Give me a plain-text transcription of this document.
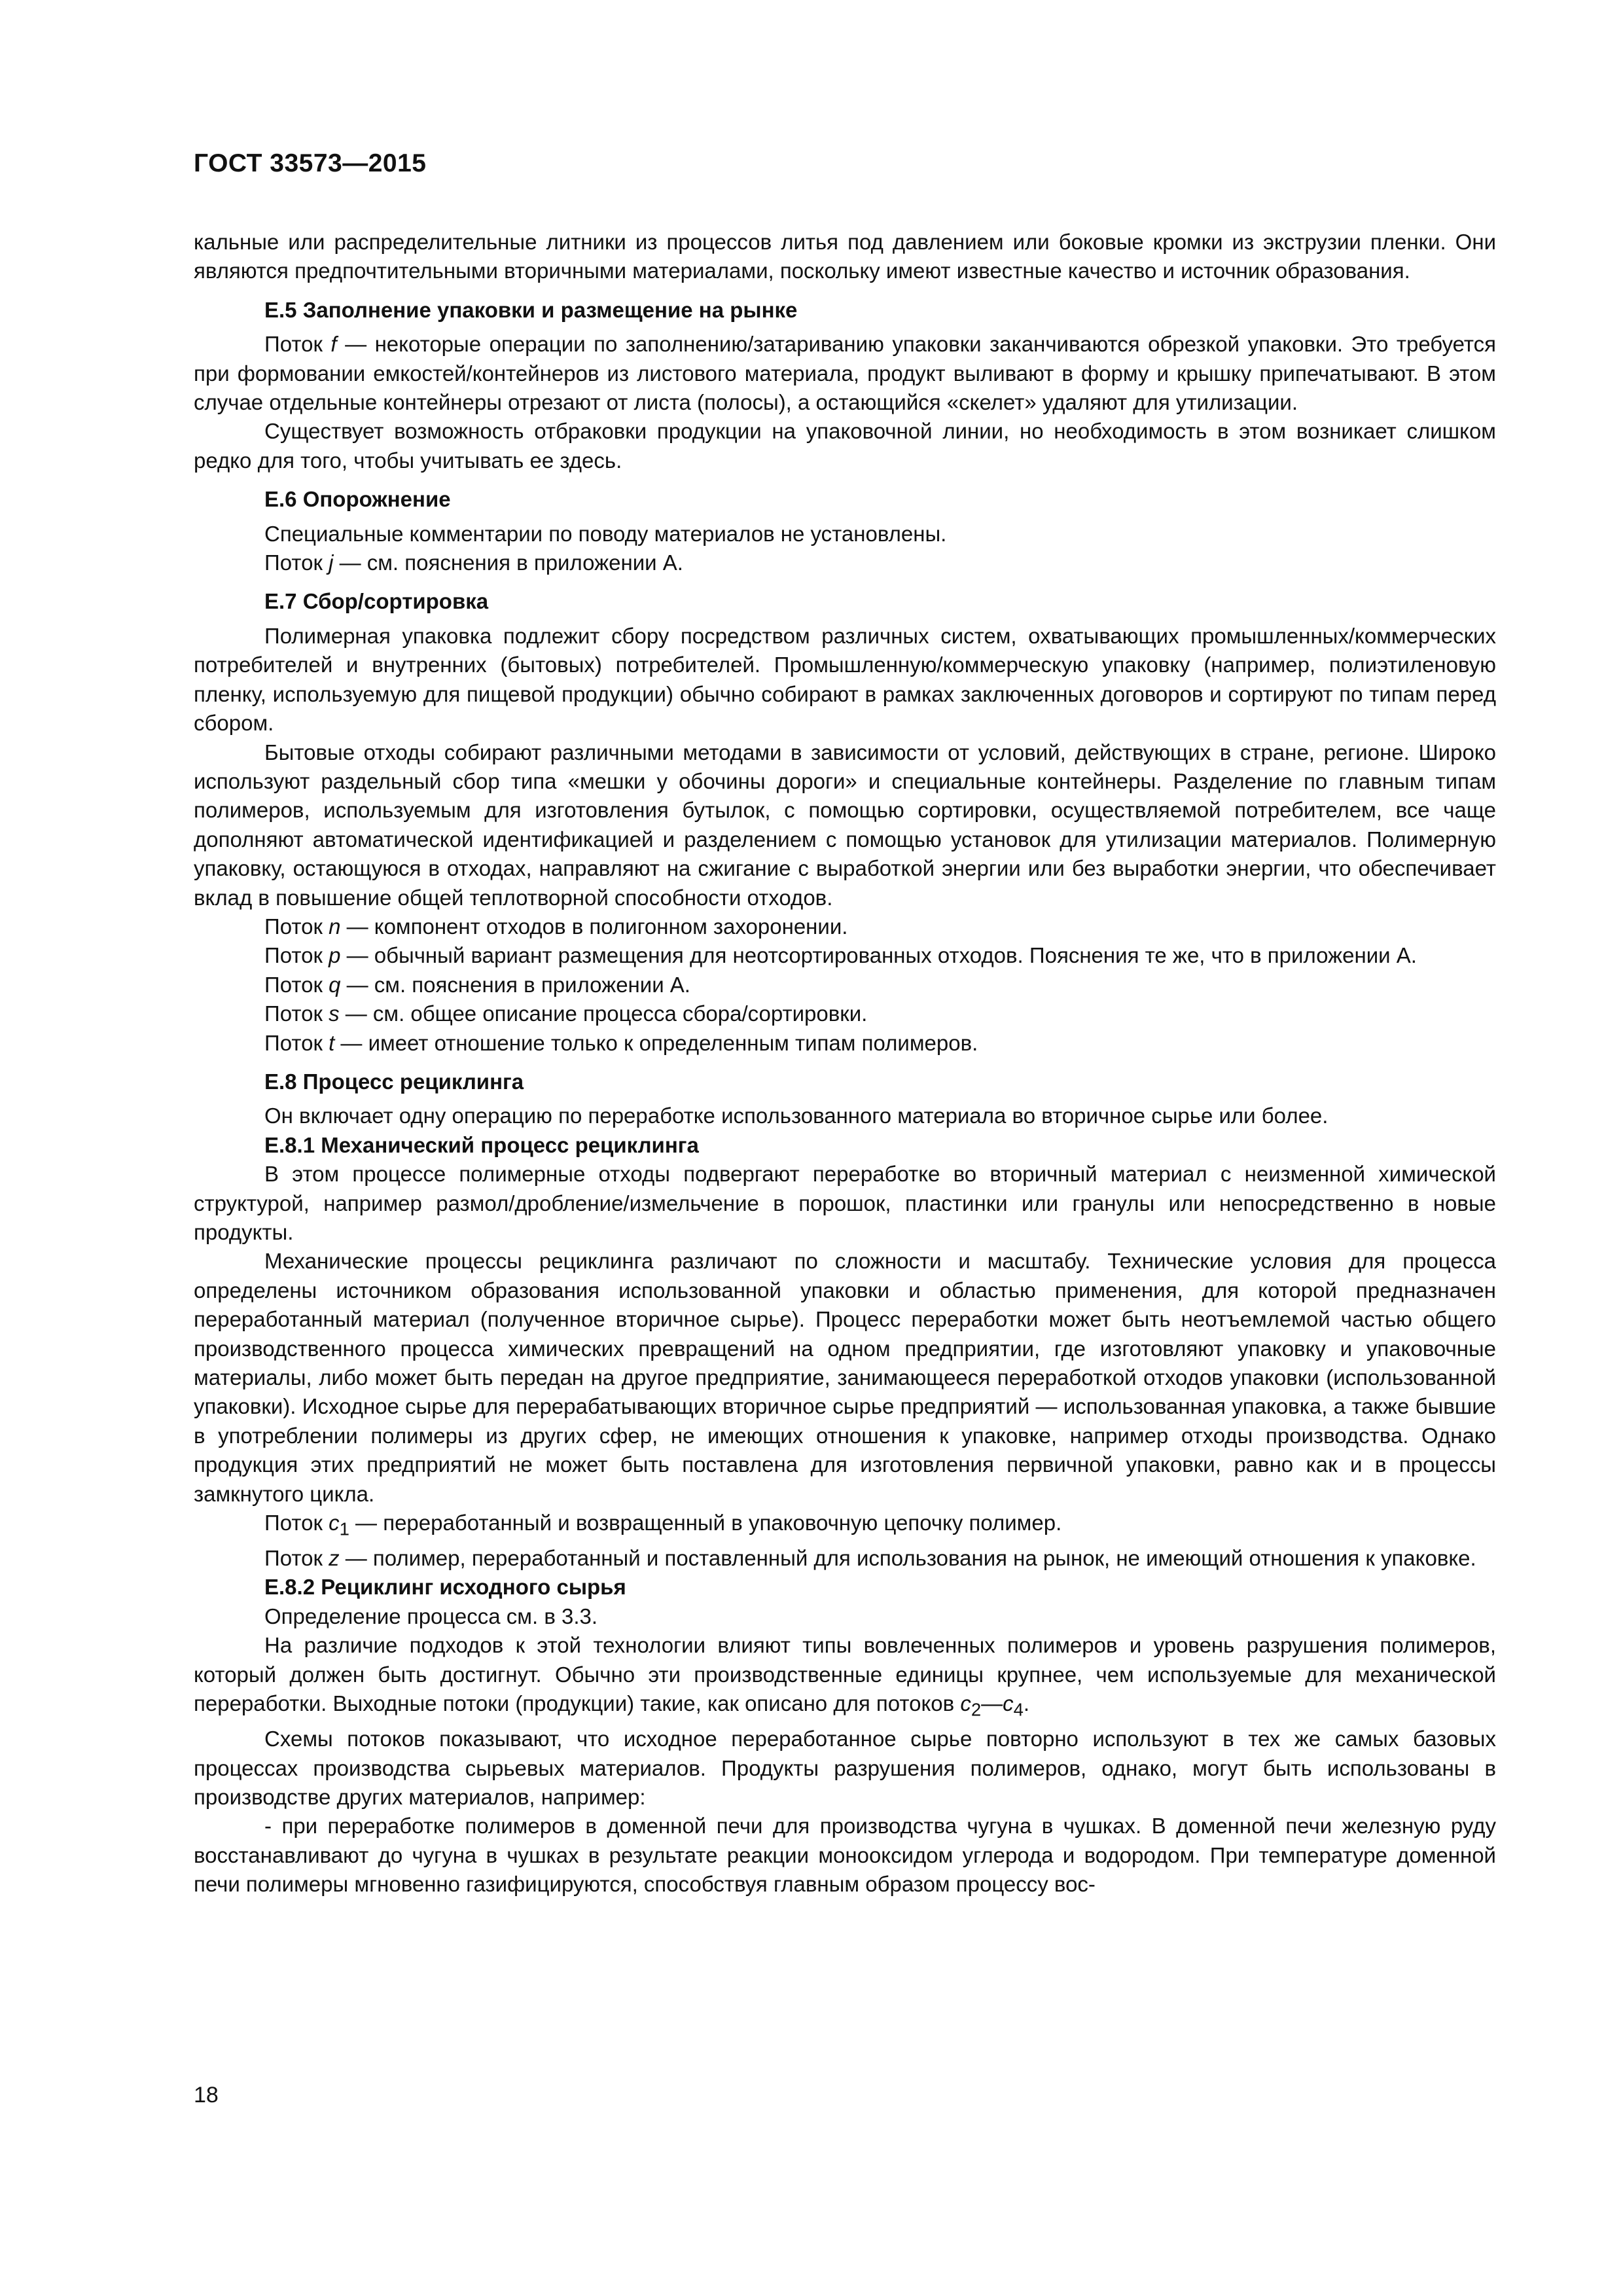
ГОСТ 33573—2015

кальные или распределительные литники из процессов литья под давлением или боковые кромки из экструзии пленки. Они являются предпочтительными вторичными материалами, поскольку имеют известные качество и источник образования.

Е.5 Заполнение упаковки и размещение на рынке

Поток f — некоторые операции по заполнению/затариванию упаковки заканчиваются обрезкой упаковки. Это требуется при формовании емкостей/контейнеров из листового материала, продукт выливают в форму и крышку припечатывают. В этом случае отдельные контейнеры отрезают от листа (полосы), а остающийся «скелет» удаляют для утилизации.

Существует возможность отбраковки продукции на упаковочной линии, но необходимость в этом возникает слишком редко для того, чтобы учитывать ее здесь.

Е.6 Опорожнение

Специальные комментарии по поводу материалов не установлены.

Поток j — см. пояснения в приложении А.

Е.7 Сбор/сортировка

Полимерная упаковка подлежит сбору посредством различных систем, охватывающих промышленных/коммерческих потребителей и внутренних (бытовых) потребителей. Промышленную/коммерческую упаковку (например, полиэтиленовую пленку, используемую для пищевой продукции) обычно собирают в рамках заключенных договоров и сортируют по типам перед сбором.

Бытовые отходы собирают различными методами в зависимости от условий, действующих в стране, регионе. Широко используют раздельный сбор типа «мешки у обочины дороги» и специальные контейнеры. Разделение по главным типам полимеров, используемым для изготовления бутылок, с помощью сортировки, осуществляемой потребителем, все чаще дополняют автоматической идентификацией и разделением с помощью установок для утилизации материалов. Полимерную упаковку, остающуюся в отходах, направляют на сжигание с выработкой энергии или без выработки энергии, что обеспечивает вклад в повышение общей теплотворной способности отходов.

Поток n — компонент отходов в полигонном захоронении.

Поток p — обычный вариант размещения для неотсортированных отходов. Пояснения те же, что в приложении А.

Поток q — см. пояснения в приложении А.

Поток s — см. общее описание процесса сбора/сортировки.

Поток t — имеет отношение только к определенным типам полимеров.

Е.8 Процесс рециклинга

Он включает одну операцию по переработке использованного материала во вторичное сырье или более.

Е.8.1 Механический процесс рециклинга

В этом процессе полимерные отходы подвергают переработке во вторичный материал с неизменной химической структурой, например размол/дробление/измельчение в порошок, пластинки или гранулы или непосредственно в новые продукты.

Механические процессы рециклинга различают по сложности и масштабу. Технические условия для процесса определены источником образования использованной упаковки и областью применения, для которой предназначен переработанный материал (полученное вторичное сырье). Процесс переработки может быть неотъемлемой частью общего производственного процесса химических превращений на одном предприятии, где изготовляют упаковку и упаковочные материалы, либо может быть передан на другое предприятие, занимающееся переработкой отходов упаковки (использованной упаковки). Исходное сырье для перерабатывающих вторичное сырье предприятий — использованная упаковка, а также бывшие в употреблении полимеры из других сфер, не имеющих отношения к упаковке, например отходы производства. Однако продукция этих предприятий не может быть поставлена для изготовления первичной упаковки, равно как и в процессы замкнутого цикла.

Поток $c_1$ — переработанный и возвращенный в упаковочную цепочку полимер.

Поток z — полимер, переработанный и поставленный для использования на рынок, не имеющий отношения к упаковке.

Е.8.2 Рециклинг исходного сырья

Определение процесса см. в 3.3.

На различие подходов к этой технологии влияют типы вовлеченных полимеров и уровень разрушения полимеров, который должен быть достигнут. Обычно эти производственные единицы крупнее, чем используемые для механической переработки. Выходные потоки (продукции) такие, как описано для потоков $c_2—c_4$.

Схемы потоков показывают, что исходное переработанное сырье повторно используют в тех же самых базовых процессах производства сырьевых материалов. Продукты разрушения полимеров, однако, могут быть использованы в производстве других материалов, например:

- при переработке полимеров в доменной печи для производства чугуна в чушках. В доменной печи железную руду восстанавливают до чугуна в чушках в результате реакции монооксидом углерода и водородом. При температуре доменной печи полимеры мгновенно газифицируются, способствуя главным образом процессу вос-

18
